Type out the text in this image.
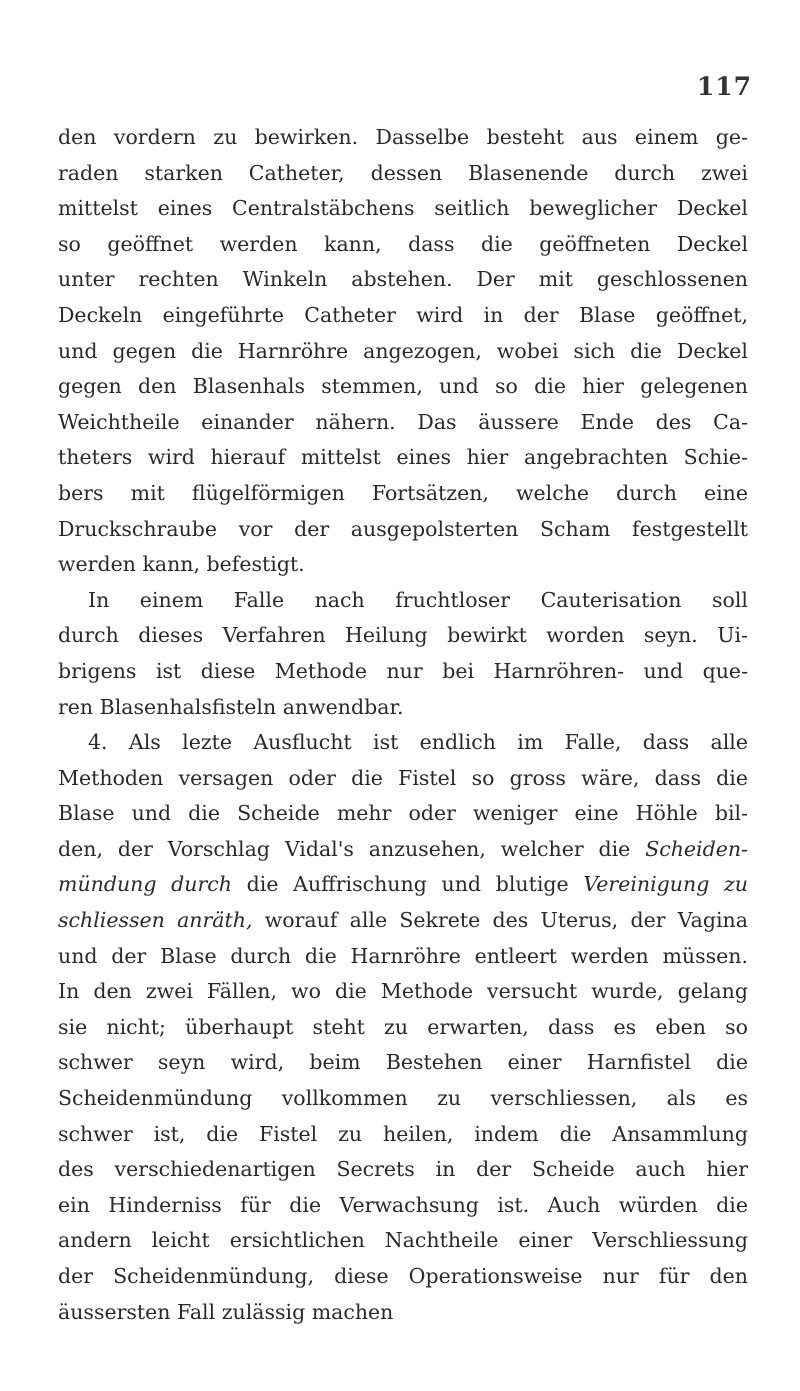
117
den vordern zu bewirken. Dasselbe besteht aus einem ge-
raden starken Catheter, dessen Blasenende durch zwei
mittelst eines Centralstäbchens seitlich beweglicher Deckel
so geöffnet werden kann, dass die geöffneten Deckel
unter rechten Winkeln abstehen. Der mit geschlossenen
Deckeln eingeführte Catheter wird in der Blase geöffnet,
und gegen die Harnröhre angezogen, wobei sich die Deckel
gegen den Blasenhals stemmen, und so die hier gelegenen
Weichtheile einander nähern. Das äussere Ende des Ca-
theters wird hierauf mittelst eines hier angebrachten Schie-
bers mit flügelförmigen Fortsätzen, welche durch eine
Druckschraube vor der ausgepolsterten Scham festgestellt
werden kann, befestigt.
In einem Falle nach fruchtloser Cauterisation soll
durch dieses Verfahren Heilung bewirkt worden seyn. Ui-
brigens ist diese Methode nur bei Harnröhren- und que-
ren Blasenhalsfisteln anwendbar.
4. Als lezte Ausflucht ist endlich im Falle, dass alle
Methoden versagen oder die Fistel so gross wäre, dass die
Blase und die Scheide mehr oder weniger eine Höhle bil-
den, der Vorschlag Vidal's anzusehen, welcher die Scheiden-
mündung durch die Auffrischung und blutige Vereinigung zu
schliessen anräth, worauf alle Sekrete des Uterus, der Vagina
und der Blase durch die Harnröhre entleert werden müssen.
In den zwei Fällen, wo die Methode versucht wurde, gelang
sie nicht; überhaupt steht zu erwarten, dass es eben so
schwer seyn wird, beim Bestehen einer Harnfistel die
Scheidenmündung vollkommen zu verschliessen, als es
schwer ist, die Fistel zu heilen, indem die Ansammlung
des verschiedenartigen Secrets in der Scheide auch hier
ein Hinderniss für die Verwachsung ist. Auch würden die
andern leicht ersichtlichen Nachtheile einer Verschliessung
der Scheidenmündung, diese Operationsweise nur für den
äussersten Fall zulässig machen
